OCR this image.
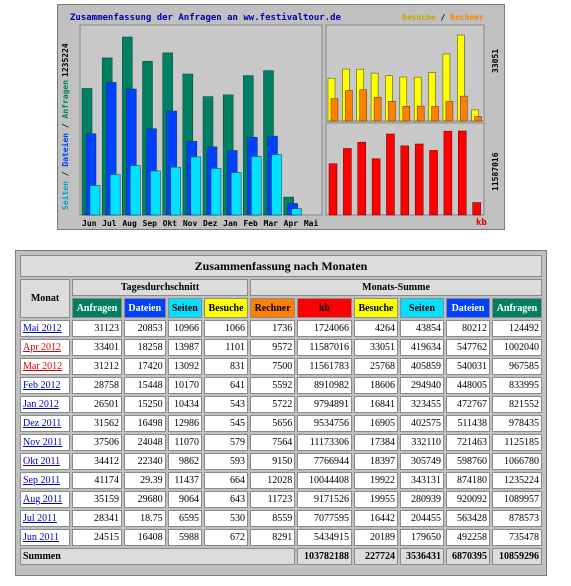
Zusammenfassung der Anfragen an ww.festivaltour.de	Besuche / Rechner
Seiten / Dateien / Anfragen
1235224	33051
11587016
kb
Jun Jul Aug Sep Okt Nov Dez Jan Feb Mar Apr Mai
Zusammenfassung nach Monaten										
Monat	Tagesdurchschnitt				Monats-Summe					
	Anfragen	Dateien	Seiten	Besuche	Rechner	kb	Besuche	Seiten	Dateien	Anfragen
Mai 2012	31123	20853	10966	1066	1736	1724066	4264	43854	80212	124492
Apr 2012	33401	18258	13987	1101	9572	11587016	33051	419634	547762	1002040
Mar 2012	31212	17420	13092	831	7500	11561783	25768	405859	540031	967585
Feb 2012	28758	15448	10170	641	5592	8910982	18606	294940	448005	833995
Jan 2012	26501	15250	10434	543	5722	9794891	16841	323455	472767	821552
Dez 2011	31562	16498	12986	545	5656	9534756	16905	402575	511438	978435
Nov 2011	37506	24048	11070	579	7564	11173306	17384	332110	721463	1125185
Okt 2011	34412	22340	9862	593	9150	7766944	18397	305749	598760	1066780
Sep 2011	41174	29.39	11437	664	12028	10044408	19922	343131	874180	1235224
Aug 2011	35159	29680	9064	643	11723	9171526	19955	280939	920092	1089957
Jul 2011	28341	18.75	6595	530	8559	7077595	16442	204455	563428	878573
Jun 2011	24515	16408	5988	672	8291	5434915	20189	179650	492258	735478
Summen						103782188	227724	3536431	6870395	10859296
